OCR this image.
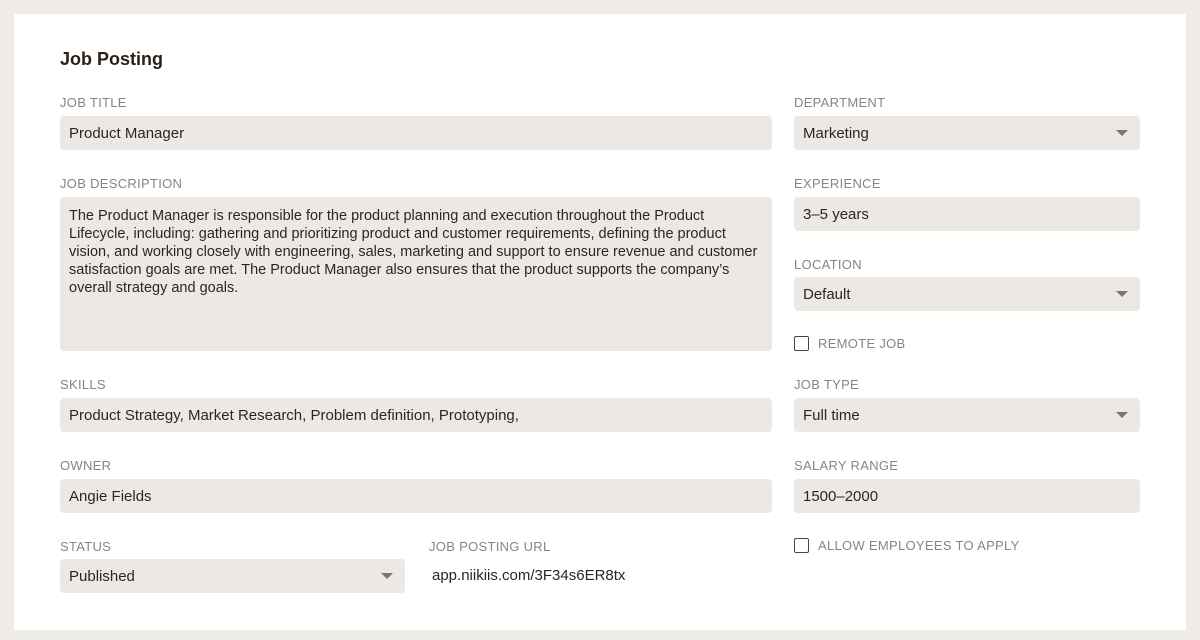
Job Posting
JOB TITLE
Product Manager
JOB DESCRIPTION
The Product Manager is responsible for the product planning and execution throughout the Product Lifecycle, including: gathering and prioritizing product and customer requirements, defining the product vision, and working closely with engineering, sales, marketing and support to ensure revenue and customer satisfaction goals are met. The Product Manager also ensures that the product supports the company’s overall strategy and goals.
SKILLS
Product Strategy, Market Research, Problem definition, Prototyping,
OWNER
Angie Fields
STATUS
Published
JOB POSTING URL
app.niikiis.com/3F34s6ER8tx
DEPARTMENT
Marketing
EXPERIENCE
3–5 years
LOCATION
Default
REMOTE JOB
JOB TYPE
Full time
SALARY RANGE
1500–2000
ALLOW EMPLOYEES TO APPLY
